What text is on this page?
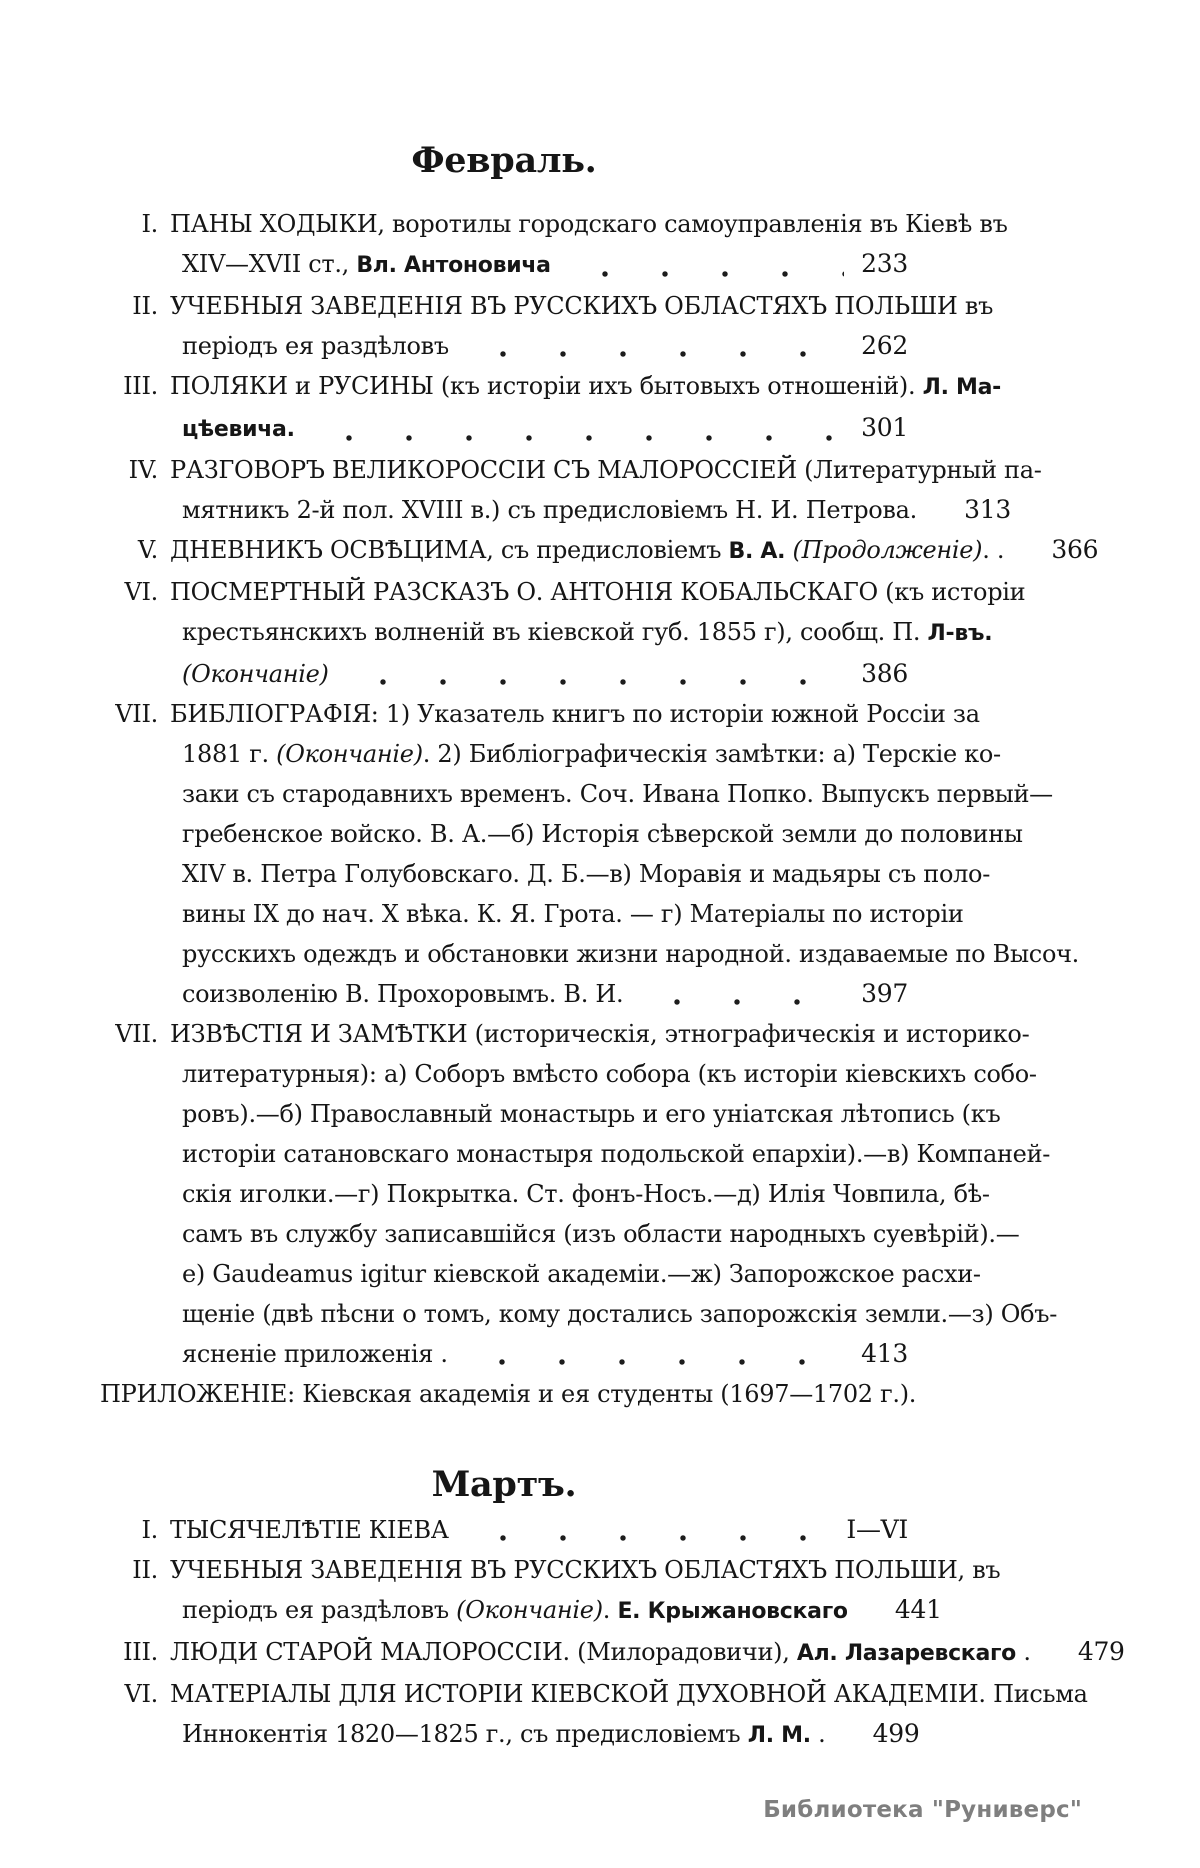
Февраль.
I. ПАНЫ ХОДЫКИ, воротилы городскаго самоуправленія въ Кіевѣ въ
XIV—XVII ст., Вл. Антоновича	233
II. УЧЕБНЫЯ ЗАВЕДЕНІЯ ВЪ РУССКИХЪ ОБЛАСТЯХЪ ПОЛЬШИ въ
періодъ ея раздѣловъ	262
III. ПОЛЯКИ и РУСИНЫ (къ исторіи ихъ бытовыхъ отношеній). Л. Ма-
цѣевича.	301
IV. РАЗГОВОРЪ ВЕЛИКОРОССІИ СЪ МАЛОРОССІЕЙ (Литературный па-
мятникъ 2-й пол. XVIII в.) съ предисловіемъ Н. И. Петрова. 313
V. ДНЕВНИКЪ ОСВѢЦИМА, съ предисловіемъ В. А. (Продолженіе). . 366
VI. ПОСМЕРТНЫЙ РАЗСКАЗЪ О. АНТОНІЯ КОБАЛЬСКАГО (къ исторіи
крестьянскихъ волненій въ кіевской губ. 1855 г), сообщ. П. Л-въ.
(Окончаніе)	386
VII. БИБЛІОГРАФІЯ: 1) Указатель книгъ по исторіи южной Россіи за
1881 г. (Окончаніе). 2) Библіографическія замѣтки: а) Терскіе ко-
заки съ стародавнихъ временъ. Соч. Ивана Попко. Выпускъ первый—
гребенское войско. В. А.—б) Исторія сѣверской земли до половины
XIV в. Петра Голубовскаго. Д. Б.—в) Моравія и мадьяры съ поло-
вины IX до нач. X вѣка. К. Я. Грота. — г) Матеріалы по исторіи
русскихъ одеждъ и обстановки жизни народной. издаваемые по Высоч.
соизволенію В. Прохоровымъ. В. И.	397
VII. ИЗВѢСТІЯ И ЗАМѢТКИ (историческія, этнографическія и историко-
литературныя): а) Соборъ вмѣсто собора (къ исторіи кіевскихъ собо-
ровъ).—б) Православный монастырь и его уніатская лѣтопись (къ
исторіи сатановскаго монастыря подольской епархіи).—в) Компаней-
скія иголки.—г) Покрытка. Ст. фонъ-Носъ.—д) Илія Човпила, бѣ-
самъ въ службу записавшійся (изъ области народныхъ суевѣрій).—
е) Gaudeamus igitur кіевской академіи.—ж) Запорожское расхи-
щеніе (двѣ пѣсни о томъ, кому достались запорожскія земли.—з) Объ-
ясненіе приложенія .	413
ПРИЛОЖЕНІЕ: Кіевская академія и ея студенты (1697—1702 г.).
Мартъ.
I. ТЫСЯЧЕЛѢТІЕ КІЕВА	I—VI
II. УЧЕБНЫЯ ЗАВЕДЕНІЯ ВЪ РУССКИХЪ ОБЛАСТЯХЪ ПОЛЬШИ, въ
періодъ ея раздѣловъ (Окончаніе). Е. Крыжановскаго 441
III. ЛЮДИ СТАРОЙ МАЛОРОССІИ. (Милорадовичи), Ал. Лазаревскаго . 479
VI. МАТЕРІАЛЫ ДЛЯ ИСТОРІИ КІЕВСКОЙ ДУХОВНОЙ АКАДЕМІИ. Письма
Иннокентія 1820—1825 г., съ предисловіемъ Л. М. . 499
Библиотека "Руниверс"
